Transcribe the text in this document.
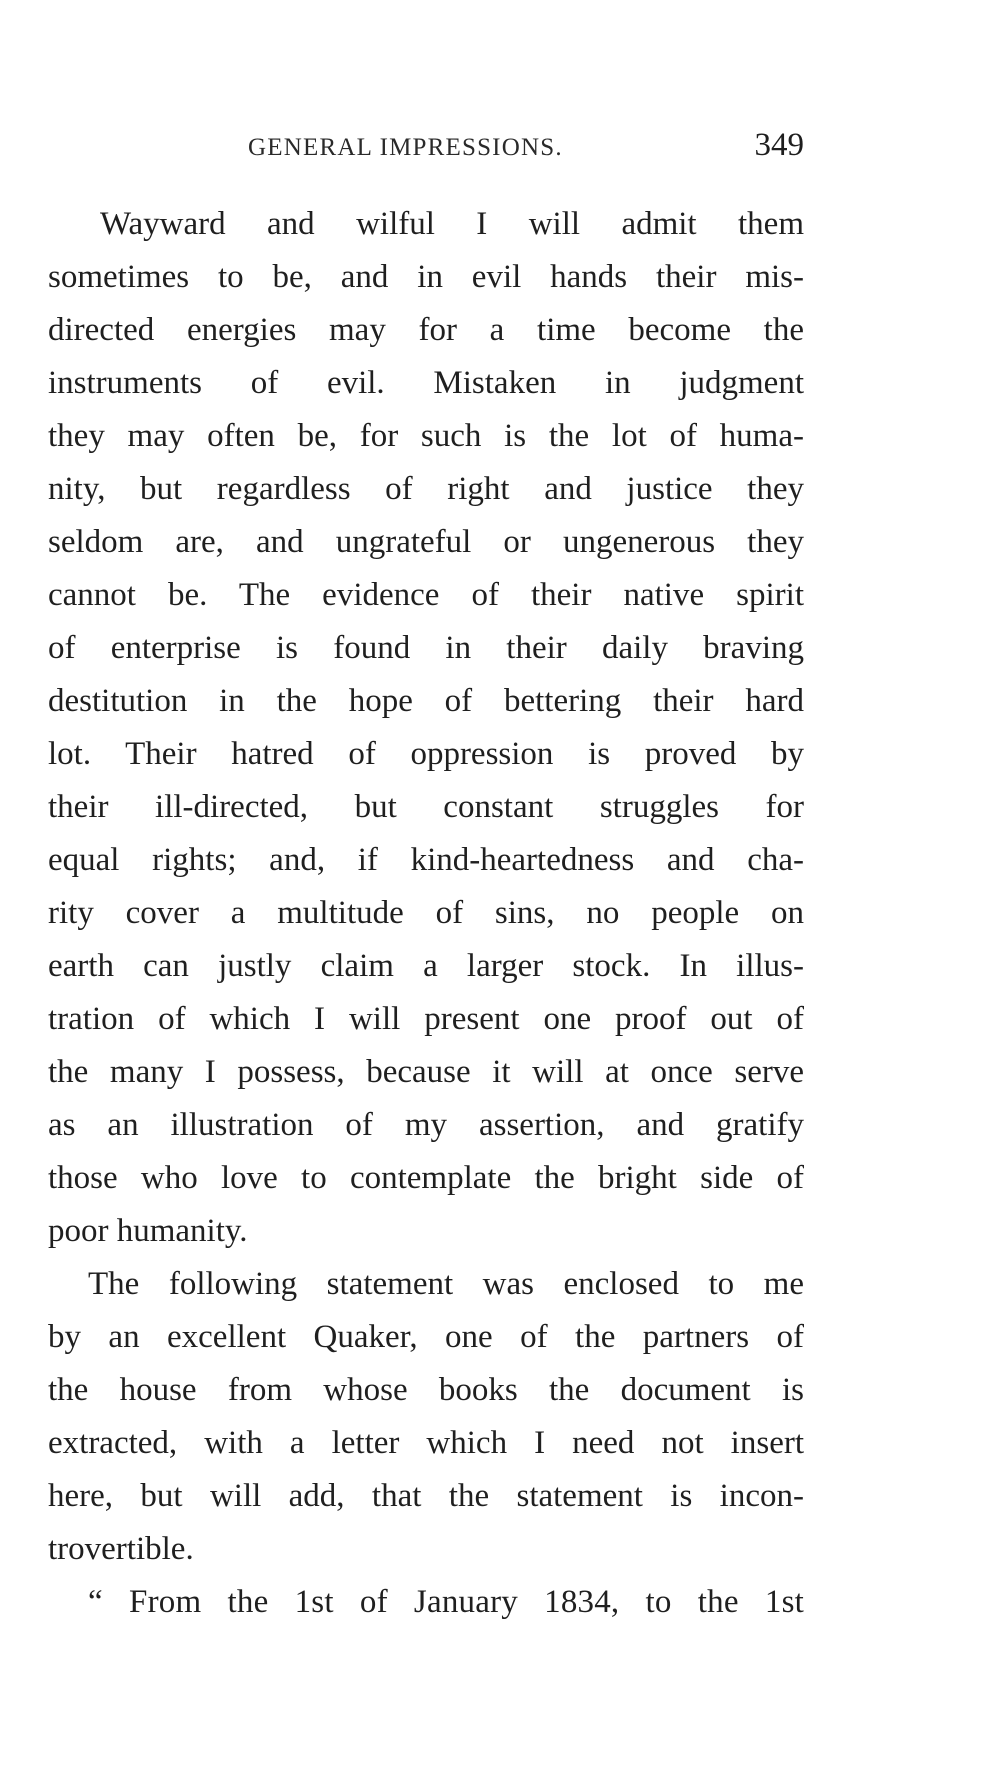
GENERAL IMPRESSIONS.	349
Wayward and wilful I will admit them
sometimes to be, and in evil hands their mis-
directed energies may for a time become the
instruments of evil. Mistaken in judgment
they may often be, for such is the lot of huma-
nity, but regardless of right and justice they
seldom are, and ungrateful or ungenerous they
cannot be. The evidence of their native spirit
of enterprise is found in their daily braving
destitution in the hope of bettering their hard
lot. Their hatred of oppression is proved by
their ill-directed, but constant struggles for
equal rights; and, if kind-heartedness and cha-
rity cover a multitude of sins, no people on
earth can justly claim a larger stock. In illus-
tration of which I will present one proof out of
the many I possess, because it will at once serve
as an illustration of my assertion, and gratify
those who love to contemplate the bright side of
poor humanity.
The following statement was enclosed to me
by an excellent Quaker, one of the partners of
the house from whose books the document is
extracted, with a letter which I need not insert
here, but will add, that the statement is incon-
trovertible.
“ From the 1st of January 1834, to the 1st
